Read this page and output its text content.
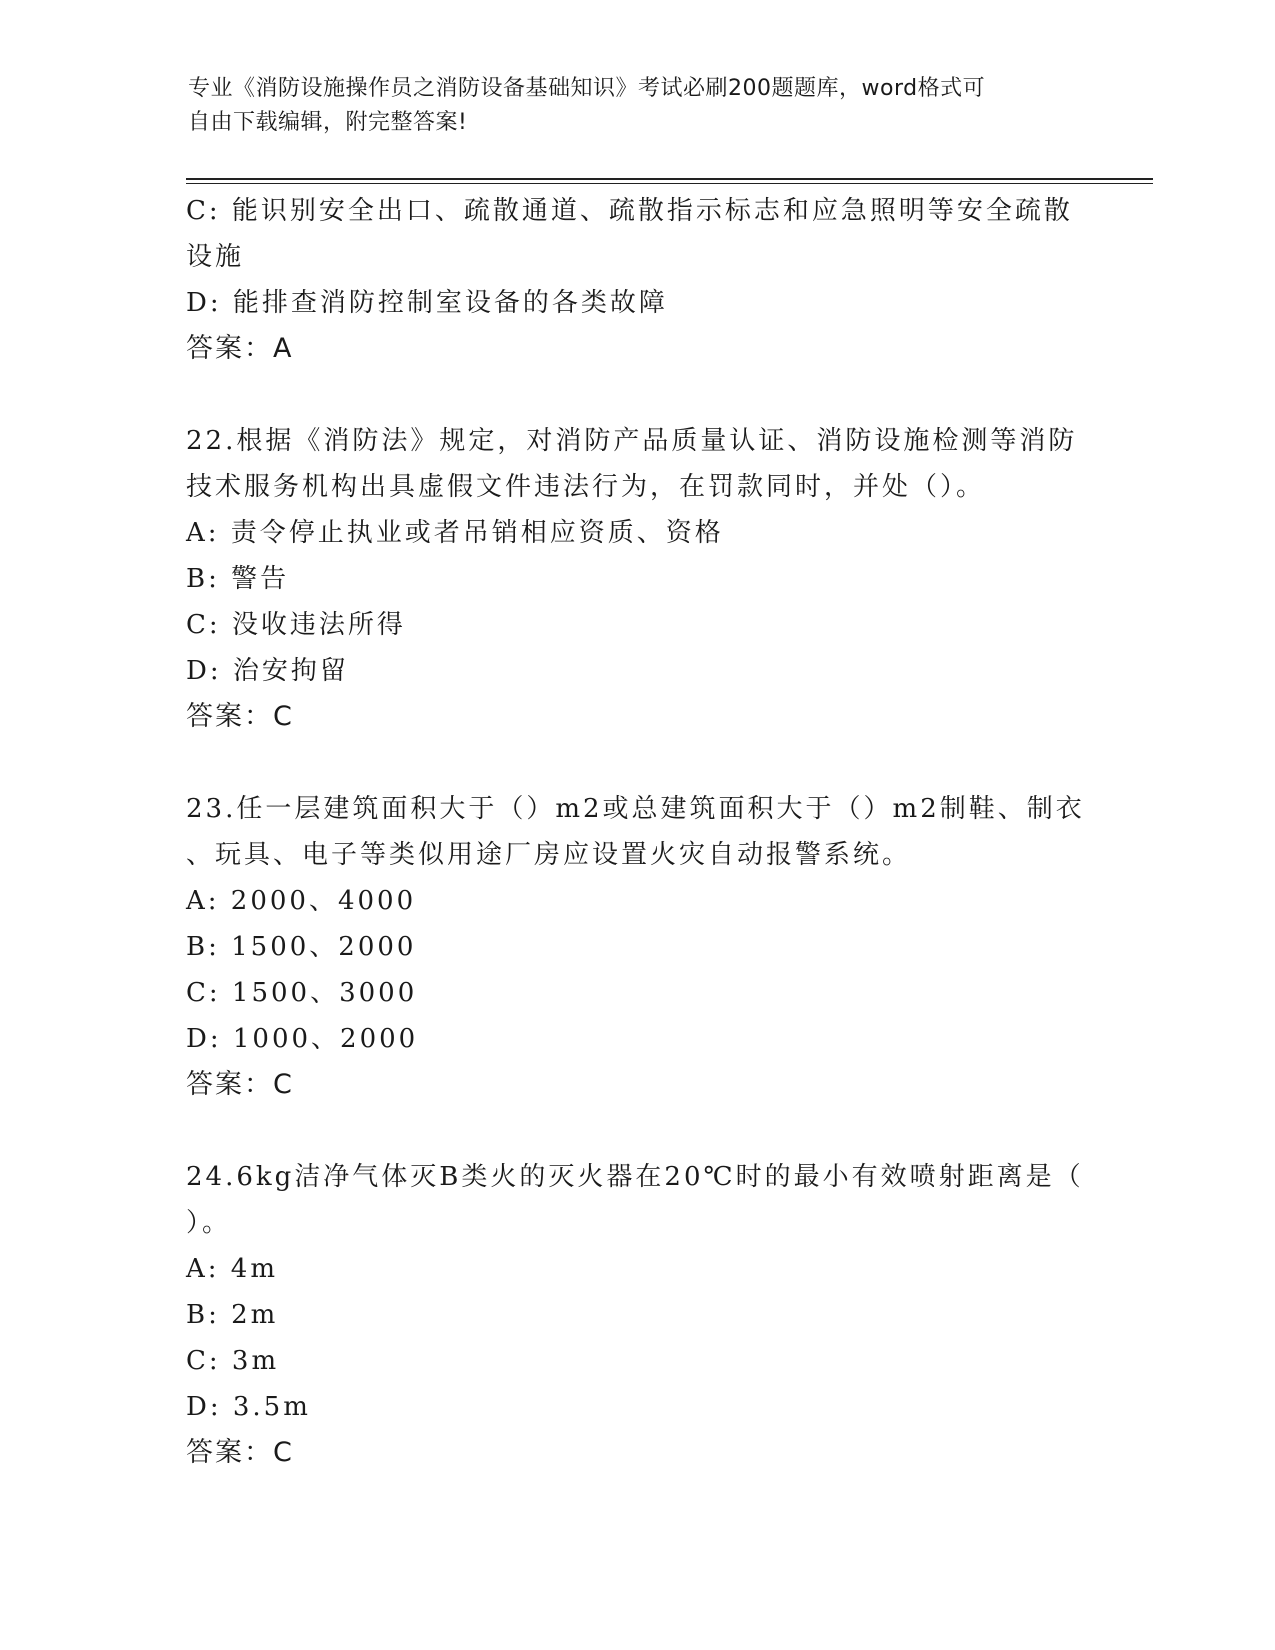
专业《消防设施操作员之消防设备基础知识》考试必刷200题题库，word格式可
自由下载编辑，附完整答案!
C: 能识别安全出口、疏散通道、疏散指示标志和应急照明等安全疏散
设施
D: 能排查消防控制室设备的各类故障
答案：A
22.根据《消防法》规定，对消防产品质量认证、消防设施检测等消防
技术服务机构出具虚假文件违法行为，在罚款同时，并处（）。
A: 责令停止执业或者吊销相应资质、资格
B: 警告
C: 没收违法所得
D: 治安拘留
答案：C
23.任一层建筑面积大于（）m2或总建筑面积大于（）m2制鞋、制衣
、玩具、电子等类似用途厂房应设置火灾自动报警系统。
A: 2000、4000
B: 1500、2000
C: 1500、3000
D: 1000、2000
答案：C
24.6kg洁净气体灭B类火的灭火器在20℃时的最小有效喷射距离是（
）。
A: 4m
B: 2m
C: 3m
D: 3.5m
答案：C
